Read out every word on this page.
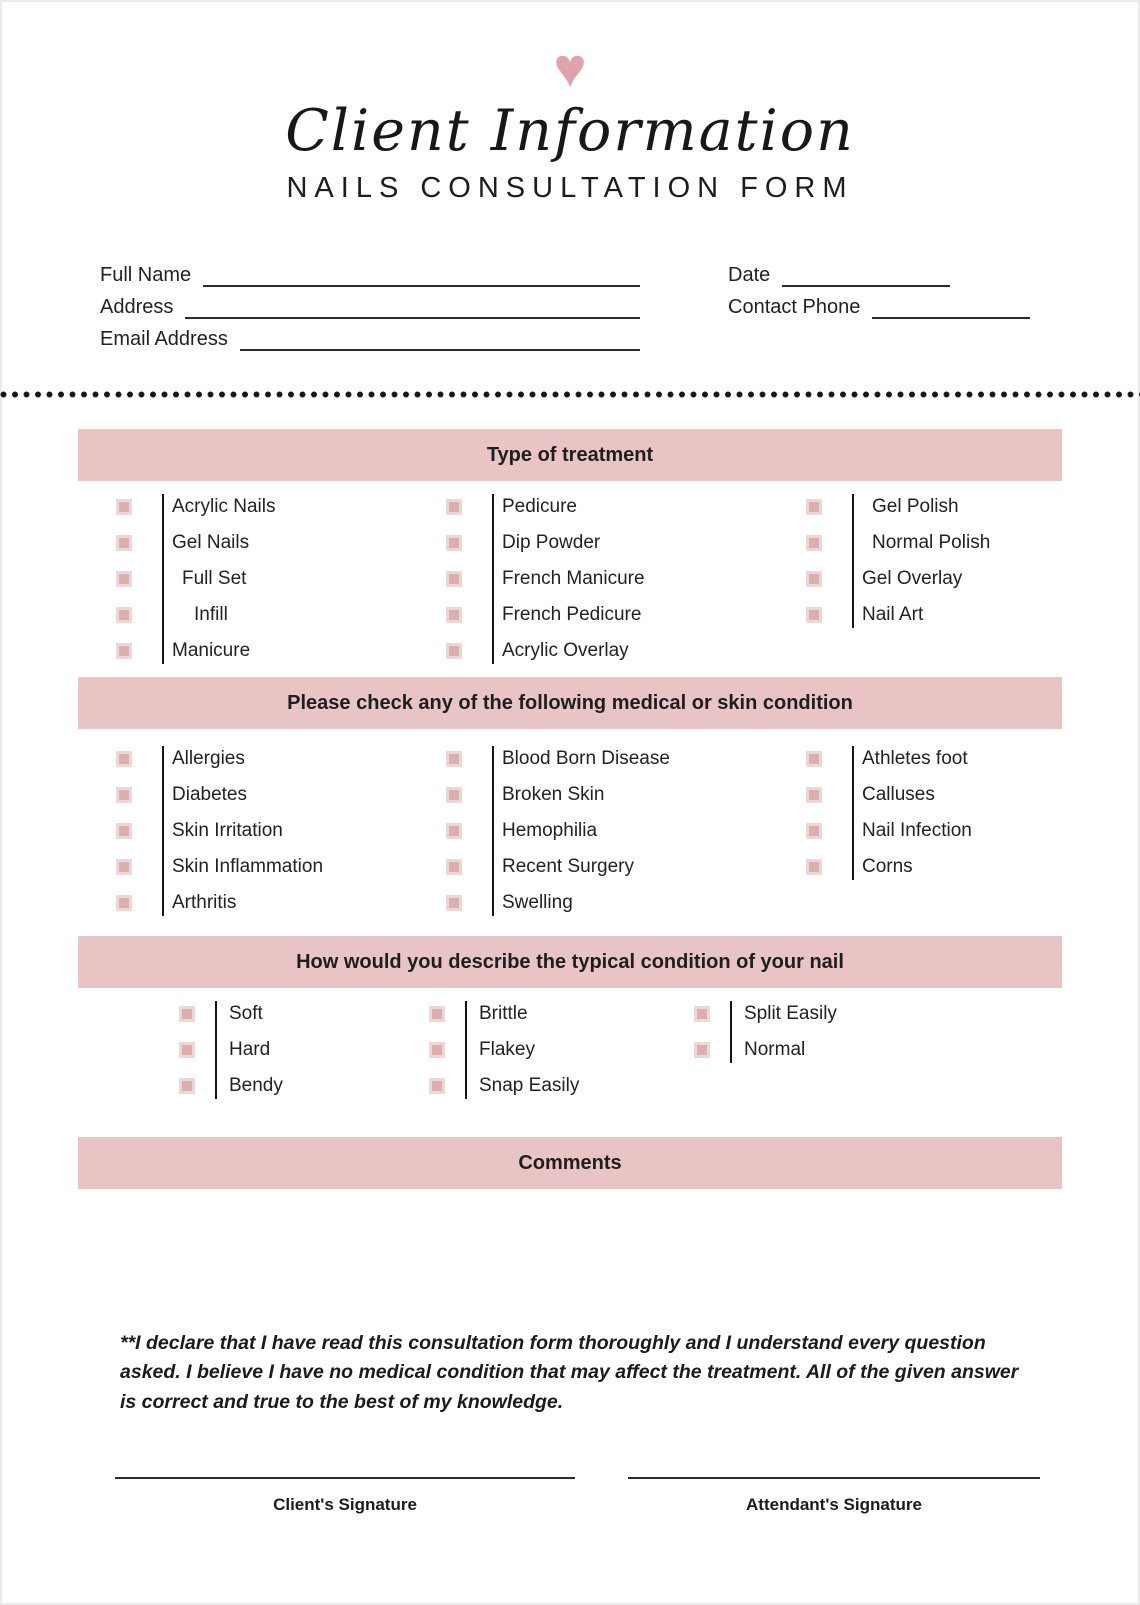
♥
Client Information
NAILS CONSULTATION FORM
Full Name
Address
Email Address
Date
Contact Phone
Type of treatment
Acrylic Nails
Gel Nails
Full Set
Infill
Manicure
Pedicure
Dip Powder
French Manicure
French Pedicure
Acrylic Overlay
Gel Polish
Normal Polish
Gel Overlay
Nail Art
Please check any of the following medical or skin condition
Allergies
Diabetes
Skin Irritation
Skin Inflammation
Arthritis
Blood Born Disease
Broken Skin
Hemophilia
Recent Surgery
Swelling
Athletes foot
Calluses
Nail Infection
Corns
How would you describe the typical condition of your nail
Soft
Hard
Bendy
Brittle
Flakey
Snap Easily
Split Easily
Normal
Comments
**I declare that I have read this consultation form thoroughly and I understand every question asked. I believe I have no medical condition that may affect the treatment. All of the given answer is correct and true to the best of my knowledge.
Client's Signature	Attendant's Signature
